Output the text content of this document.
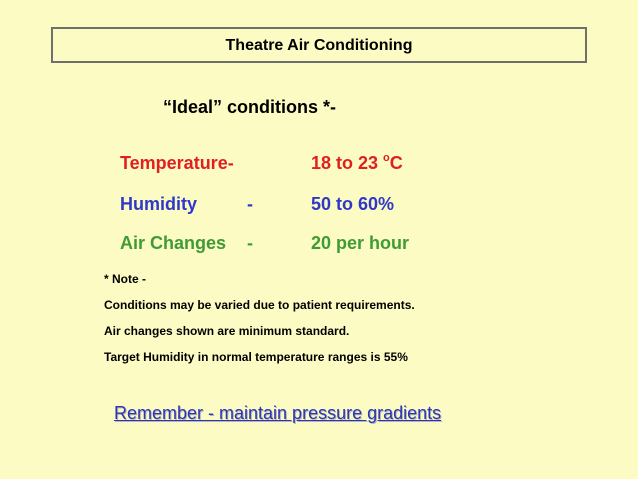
Theatre Air Conditioning
“Ideal” conditions *-
Temperature-	18 to 23 $^o$C
Humidity	-	50 to 60%
Air Changes -	20 per hour
* Note -
Conditions may be varied due to patient requirements.
Air changes shown are minimum standard.
Target Humidity in normal temperature ranges is 55%
Remember - maintain pressure gradients
